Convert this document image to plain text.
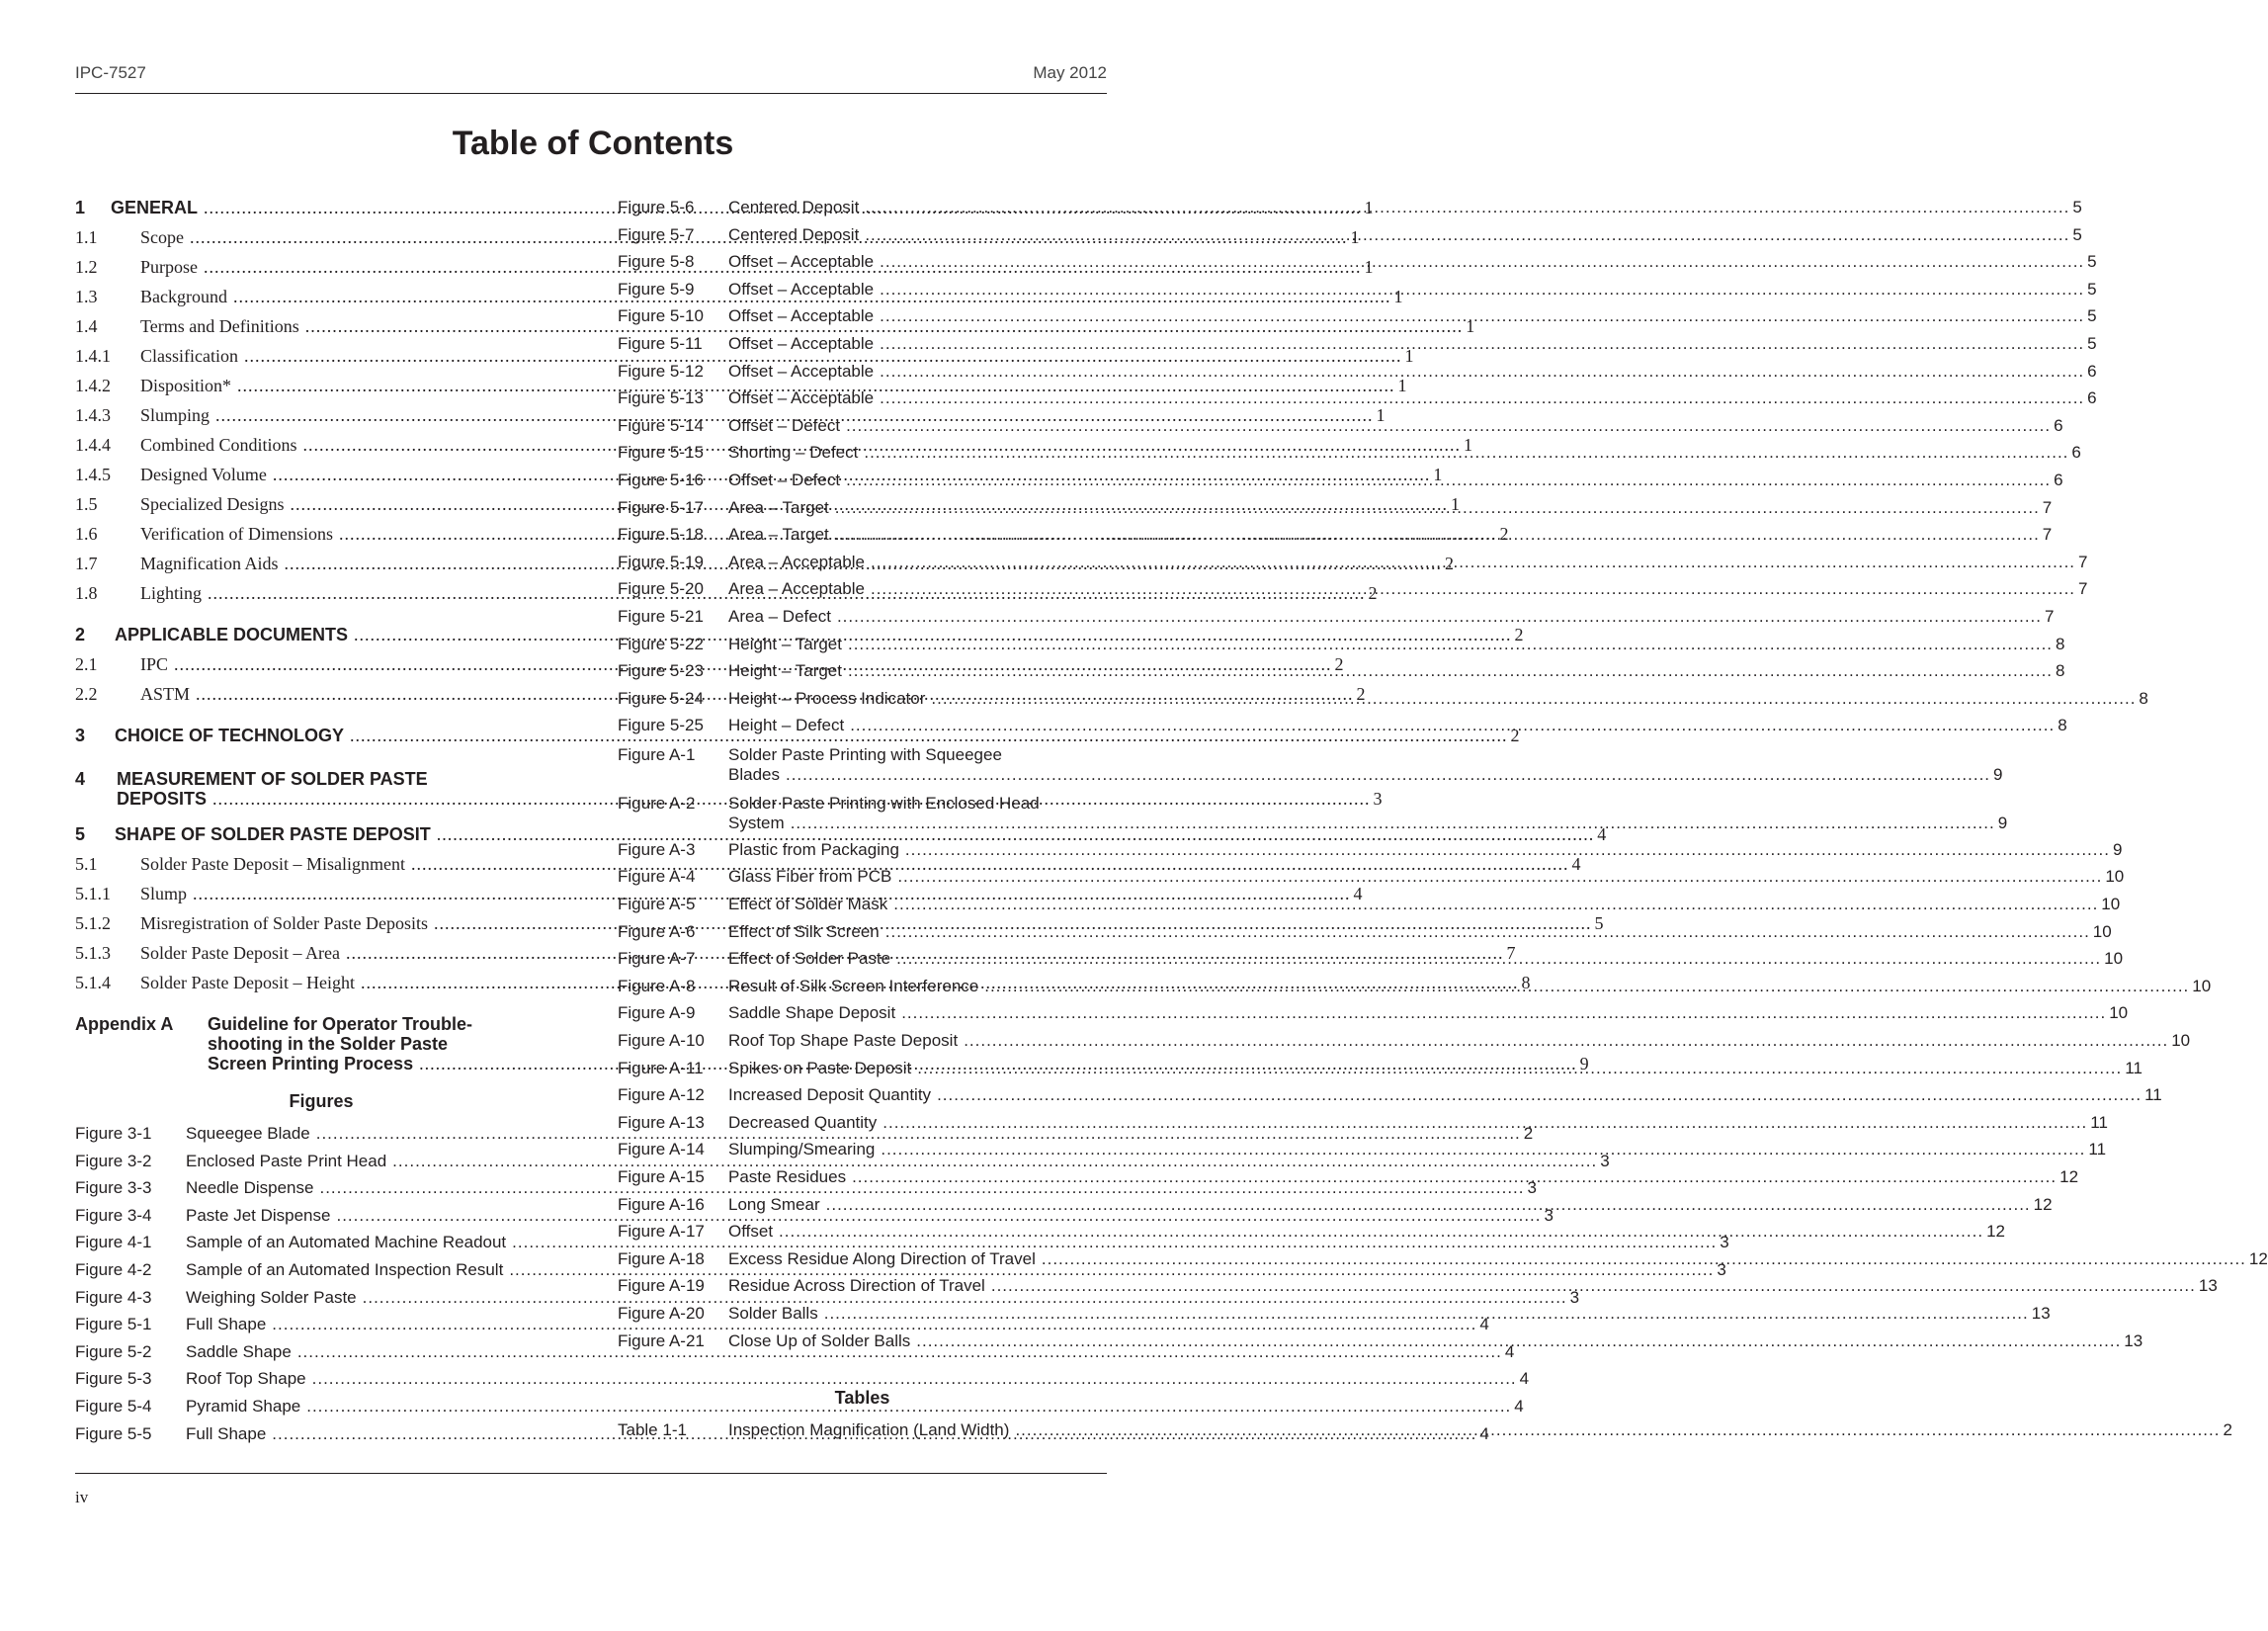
IPC-7527	May 2012
Table of Contents
1	GENERAL .....	1
1.1	Scope .....	1
1.2	Purpose .....	1
1.3	Background .....	1
1.4	Terms and Definitions .....	1
1.4.1	Classification .....	1
1.4.2	Disposition* .....	1
1.4.3	Slumping .....	1
1.4.4	Combined Conditions .....	1
1.4.5	Designed Volume .....	1
1.5	Specialized Designs .....	1
1.6	Verification of Dimensions .....	2
1.7	Magnification Aids .....	2
1.8	Lighting .....	2
2	APPLICABLE DOCUMENTS .....	2
2.1	IPC .....	2
2.2	ASTM .....	2
3	CHOICE OF TECHNOLOGY .....	2
4	MEASUREMENT OF SOLDER PASTE
DEPOSITS .....	3
5	SHAPE OF SOLDER PASTE DEPOSIT .....	4
5.1	Solder Paste Deposit – Misalignment .....	4
5.1.1	Slump .....	4
5.1.2	Misregistration of Solder Paste Deposits .....	5
5.1.3	Solder Paste Deposit – Area .....	7
5.1.4	Solder Paste Deposit – Height .....	8
Appendix A	Guideline for Operator Trouble-
shooting in the Solder Paste
Screen Printing Process .....	9
Figures
Figure 3-1	Squeegee Blade .....	2
Figure 3-2	Enclosed Paste Print Head .....	3
Figure 3-3	Needle Dispense .....	3
Figure 3-4	Paste Jet Dispense .....	3
Figure 4-1	Sample of an Automated Machine Readout .....	3
Figure 4-2	Sample of an Automated Inspection Result .....	3
Figure 4-3	Weighing Solder Paste .....	3
Figure 5-1	Full Shape .....	4
Figure 5-2	Saddle Shape .....	4
Figure 5-3	Roof Top Shape .....	4
Figure 5-4	Pyramid Shape .....	4
Figure 5-5	Full Shape .....	4
Figure 5-6	Centered Deposit .....	5
Figure 5-7	Centered Deposit .....	5
Figure 5-8	Offset – Acceptable .....	5
Figure 5-9	Offset – Acceptable .....	5
Figure 5-10	Offset – Acceptable .....	5
Figure 5-11	Offset – Acceptable .....	5
Figure 5-12	Offset – Acceptable .....	6
Figure 5-13	Offset – Acceptable .....	6
Figure 5-14	Offset – Defect .....	6
Figure 5-15	Shorting – Defect .....	6
Figure 5-16	Offset – Defect .....	6
Figure 5-17	Area – Target .....	7
Figure 5-18	Area – Target .....	7
Figure 5-19	Area – Acceptable .....	7
Figure 5-20	Area – Acceptable .....	7
Figure 5-21	Area – Defect .....	7
Figure 5-22	Height – Target .....	8
Figure 5-23	Height – Target .....	8
Figure 5-24	Height – Process Indicator .....	8
Figure 5-25	Height – Defect .....	8
Figure A-1	Solder Paste Printing with Squeegee
Blades .....	9
Figure A-2	Solder Paste Printing with Enclosed Head
System .....	9
Figure A-3	Plastic from Packaging .....	9
Figure A-4	Glass Fiber from PCB .....	10
Figure A-5	Effect of Solder Mask .....	10
Figure A-6	Effect of Silk Screen .....	10
Figure A-7	Effect of Solder Paste .....	10
Figure A-8	Result of Silk Screen Interference .....	10
Figure A-9	Saddle Shape Deposit .....	10
Figure A-10	Roof Top Shape Paste Deposit .....	10
Figure A-11	Spikes on Paste Deposit .....	11
Figure A-12	Increased Deposit Quantity .....	11
Figure A-13	Decreased Quantity .....	11
Figure A-14	Slumping/Smearing .....	11
Figure A-15	Paste Residues .....	12
Figure A-16	Long Smear .....	12
Figure A-17	Offset .....	12
Figure A-18	Excess Residue Along Direction of Travel .....	12
Figure A-19	Residue Across Direction of Travel .....	13
Figure A-20	Solder Balls .....	13
Figure A-21	Close Up of Solder Balls .....	13
Tables
Table 1-1	Inspection Magnification (Land Width) .....	2
iv
